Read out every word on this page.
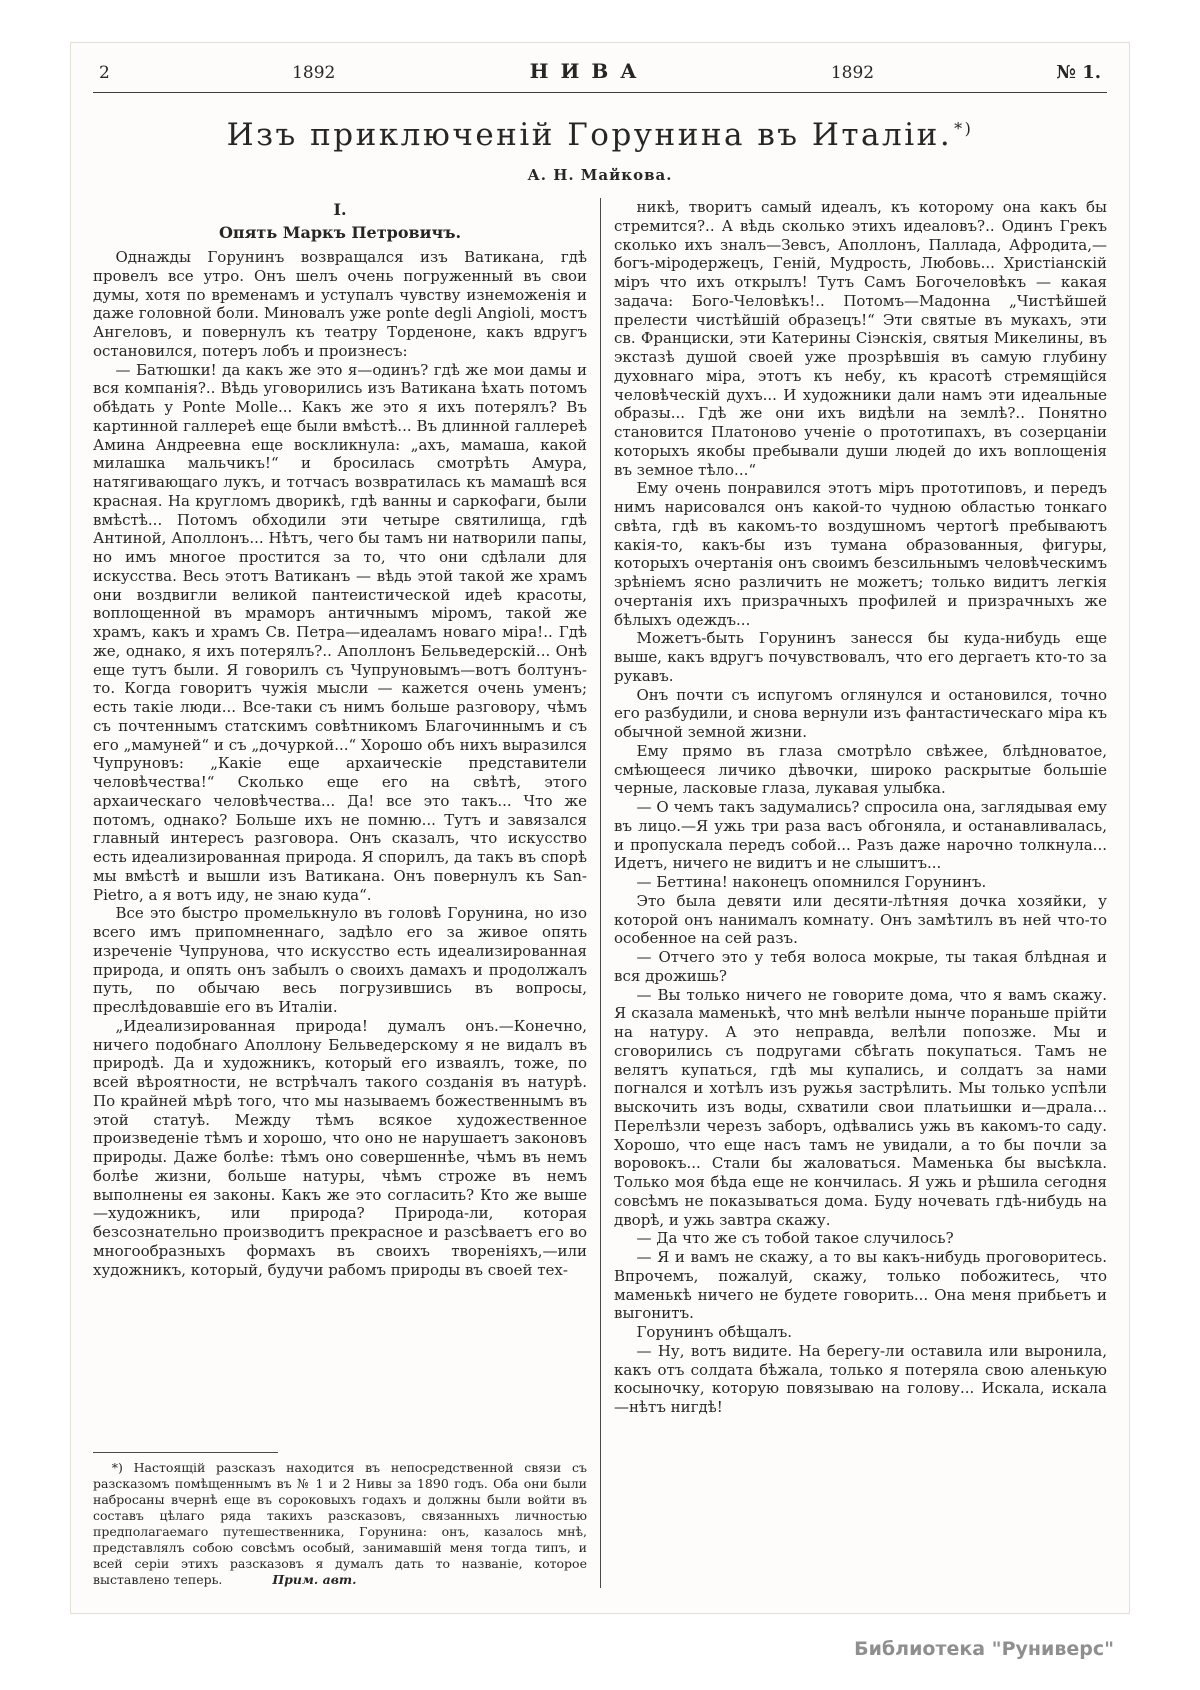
2	1892	НИВА	1892	№ 1.
Изъ приключеній Горунина въ Италіи. *)
А. Н. Майкова.
I.
Опять Маркъ Петровичъ.

Однажды Горунинъ возвращался изъ Ватикана, гдѣ провелъ все утро. Онъ шелъ очень погруженный въ свои думы, хотя по временамъ и уступалъ чувству изнеможенія и даже головной боли. Миновалъ уже ponte degli Angioli, мостъ Ангеловъ, и повернулъ къ театру Торденоне, какъ вдругъ остановился, потеръ лобъ и произнесъ:

— Батюшки! да какъ же это я—одинъ? гдѣ же мои дамы и вся компанія?.. Вѣдь уговорились изъ Ватикана ѣхать потомъ обѣдать у Ponte Molle... Какъ же это я ихъ потерялъ? Въ картинной галлереѣ еще были вмѣстѣ... Въ длинной галлереѣ Амина Андреевна еще воскликнула: „ахъ, мамаша, какой милашка мальчикъ!“ и бросилась смотрѣть Амура, натягивающаго лукъ, и тотчасъ возвратилась къ мамашѣ вся красная. На кругломъ дворикѣ, гдѣ ванны и саркофаги, были вмѣстѣ... Потомъ обходили эти четыре святилища, гдѣ Антиной, Аполлонъ... Нѣтъ, чего бы тамъ ни натворили папы, но имъ многое простится за то, что они сдѣлали для искусства. Весь этотъ Ватиканъ — вѣдь этой такой же храмъ они воздвигли великой пантеистической идеѣ красоты, воплощенной въ мраморъ античнымъ міромъ, такой же храмъ, какъ и храмъ Св. Петра—идеаламъ новаго міра!.. Гдѣ же, однако, я ихъ потерялъ?.. Аполлонъ Бельведерскій... Онѣ еще тутъ были. Я говорилъ съ Чупруновымъ—вотъ болтунъ-то. Когда говоритъ чужія мысли — кажется очень уменъ; есть такіе люди... Все-таки съ нимъ больше разговору, чѣмъ съ почтеннымъ статскимъ совѣтникомъ Благочиннымъ и съ его „мамуней“ и съ „дочуркой...“ Хорошо объ нихъ выразился Чупруновъ: „Какіе еще архаическіе представители человѣчества!“ Сколько еще его на свѣтѣ, этого архаическаго человѣчества... Да! все это такъ... Что же потомъ, однако? Больше ихъ не помню... Тутъ и завязался главный интересъ разговора. Онъ сказалъ, что искусство есть идеализированная природа. Я спорилъ, да такъ въ спорѣ мы вмѣстѣ и вышли изъ Ватикана. Онъ повернулъ къ San-Pietro, а я вотъ иду, не знаю куда“.

Все это быстро промелькнуло въ головѣ Горунина, но изо всего имъ припомненнаго, задѣло его за живое опять изреченіе Чупрунова, что искусство есть идеализированная природа, и опять онъ забылъ о своихъ дамахъ и продолжалъ путь, по обычаю весь погрузившись въ вопросы, преслѣдовавшіе его въ Италіи.

„Идеализированная природа! думалъ онъ.—Конечно, ничего подобнаго Аполлону Бельведерскому я не видалъ въ природѣ. Да и художникъ, который его изваялъ, тоже, по всей вѣроятности, не встрѣчалъ такого созданія въ натурѣ. По крайней мѣрѣ того, что мы называемъ божественнымъ въ этой статуѣ. Между тѣмъ всякое художественное произведеніе тѣмъ и хорошо, что оно не нарушаетъ законовъ природы. Даже болѣе: тѣмъ оно совершеннѣе, чѣмъ въ немъ болѣе жизни, больше натуры, чѣмъ строже въ немъ выполнены ея законы. Какъ же это согласить? Кто же выше—художникъ, или природа? Природа-ли, которая безсознательно производитъ прекрасное и разсѣваетъ его во многообразныхъ формахъ въ своихъ твореніяхъ,—или художникъ, который, будучи рабомъ природы въ своей тех-

*) Настоящій разсказъ находится въ непосредственной связи съ разсказомъ помѣщеннымъ въ № 1 и 2 Нивы за 1890 годъ. Оба они были набросаны вчернѣ еще въ сороковыхъ годахъ и должны были войти въ составъ цѣлаго ряда такихъ разсказовъ, связанныхъ личностью предполагаемаго путешественника, Горунина: онъ, казалось мнѣ, представлялъ собою совсѣмъ особый, занимавшій меня тогда типъ, и всей серіи этихъ разсказовъ я думалъ дать то названіе, которое выставлено теперь.	Прим. авт.

никѣ, творитъ самый идеалъ, къ которому она какъ бы стремится?.. А вѣдь сколько этихъ идеаловъ?.. Одинъ Грекъ сколько ихъ зналъ—Зевсъ, Аполлонъ, Паллада, Афродита,—богъ-міродержецъ, Геній, Мудрость, Любовь... Христіанскій міръ что ихъ открылъ! Тутъ Самъ Богочеловѣкъ — какая задача: Бого-Человѣкъ!.. Потомъ—Мадонна „Чистѣйшей прелести чистѣйшій образецъ!“ Эти святые въ мукахъ, эти св. Франциски, эти Катерины Сіэнскія, святыя Микелины, въ экстазѣ душой своей уже прозрѣвшія въ самую глубину духовнаго міра, этотъ къ небу, къ красотѣ стремящійся человѣческій духъ... И художники дали намъ эти идеальные образы... Гдѣ же они ихъ видѣли на землѣ?.. Понятно становится Платоново ученіе о прототипахъ, въ созерцаніи которыхъ якобы пребывали души людей до ихъ воплощенія въ земное тѣло...“

Ему очень понравился этотъ міръ прототиповъ, и передъ нимъ нарисовался онъ какой-то чудною областью тонкаго свѣта, гдѣ въ какомъ-то воздушномъ чертогѣ пребываютъ какія-то, какъ-бы изъ тумана образованныя, фигуры, которыхъ очертанія онъ своимъ безсильнымъ человѣческимъ зрѣніемъ ясно различить не можетъ; только видитъ легкія очертанія ихъ призрачныхъ профилей и призрачныхъ же бѣлыхъ одеждъ...

Можетъ-быть Горунинъ занесся бы куда-нибудь еще выше, какъ вдругъ почувствовалъ, что его дергаетъ кто-то за рукавъ.

Онъ почти съ испугомъ оглянулся и остановился, точно его разбудили, и снова вернули изъ фантастическаго міра къ обычной земной жизни.

Ему прямо въ глаза смотрѣло свѣжее, блѣдноватое, смѣющееся личико дѣвочки, широко раскрытые большіе черные, ласковые глаза, лукавая улыбка.

— О чемъ такъ задумались? спросила она, заглядывая ему въ лицо.—Я ужь три раза васъ обгоняла, и останавливалась, и пропускала передъ собой... Разъ даже нарочно толкнула... Идетъ, ничего не видитъ и не слышитъ...

— Беттина! наконецъ опомнился Горунинъ.

Это была девяти или десяти-лѣтняя дочка хозяйки, у которой онъ нанималъ комнату. Онъ замѣтилъ въ ней что-то особенное на сей разъ.

— Отчего это у тебя волоса мокрые, ты такая блѣдная и вся дрожишь?

— Вы только ничего не говорите дома, что я вамъ скажу. Я сказала маменькѣ, что мнѣ велѣли нынче пораньше прійти на натуру. А это неправда, велѣли попозже. Мы и сговорились съ подругами сбѣгать покупаться. Тамъ не велятъ купаться, гдѣ мы купались, и солдатъ за нами погнался и хотѣлъ изъ ружья застрѣлить. Мы только успѣли выскочить изъ воды, схватили свои платьишки и—драла... Перелѣзли черезъ заборъ, одѣвались ужь въ какомъ-то саду. Хорошо, что еще насъ тамъ не увидали, а то бы почли за воровокъ... Стали бы жаловаться. Маменька бы высѣкла. Только моя бѣда еще не кончилась. Я ужь и рѣшила сегодня совсѣмъ не показываться дома. Буду ночевать гдѣ-нибудь на дворѣ, и ужь завтра скажу.

— Да что же съ тобой такое случилось?

— Я и вамъ не скажу, а то вы какъ-нибудь проговоритесь. Впрочемъ, пожалуй, скажу, только побожитесь, что маменькѣ ничего не будете говорить... Она меня прибьетъ и выгонитъ.

Горунинъ обѣщалъ.

— Ну, вотъ видите. На берегу-ли оставила или выронила, какъ отъ солдата бѣжала, только я потеряла свою аленькую косыночку, которую повязываю на голову... Искала, искала—нѣтъ нигдѣ!

Библиотека "Руниверс"
